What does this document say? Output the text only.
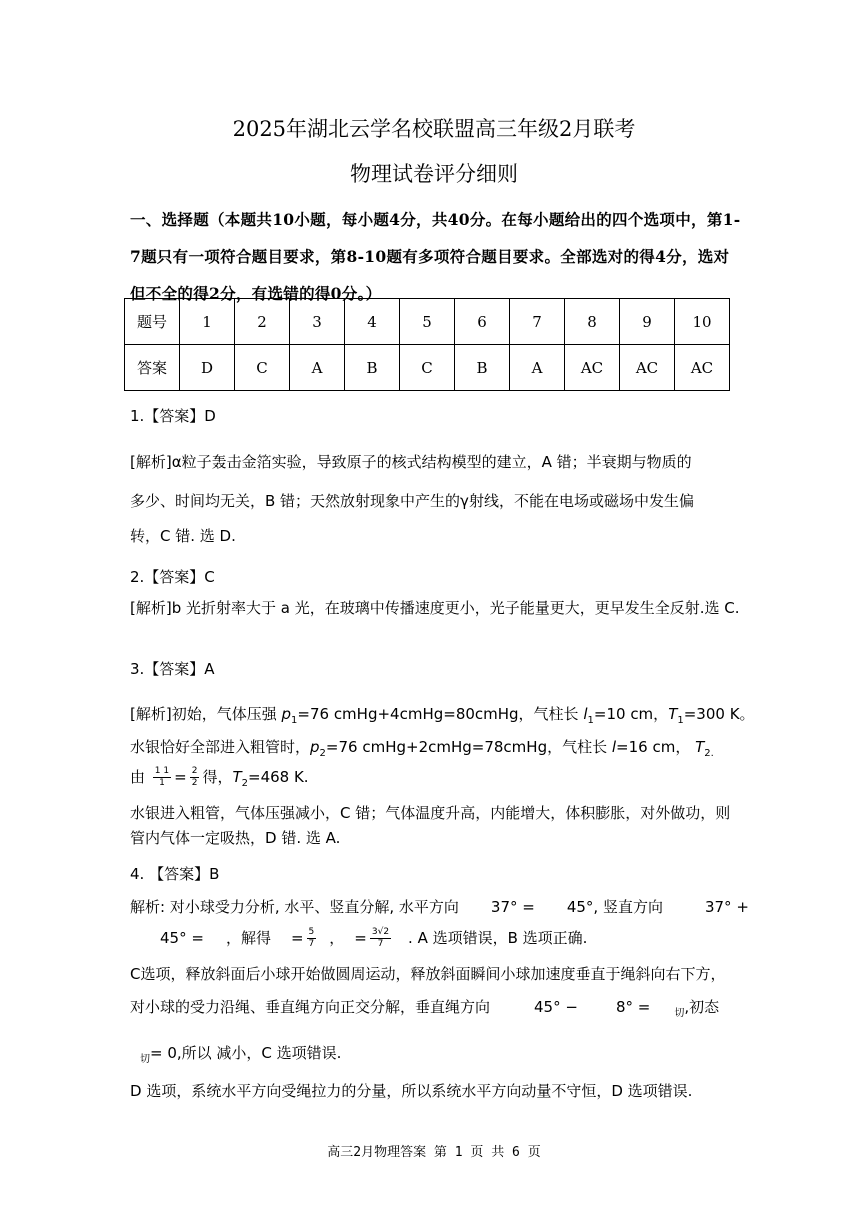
2025年湖北云学名校联盟高三年级2月联考
物理试卷评分细则
一、选择题（本题共10小题，每小题4分，共40分。在每小题给出的四个选项中，第1-7题只有一项符合题目要求，第8-10题有多项符合题目要求。全部选对的得4分，选对但不全的得2分，有选错的得0分。）
题号	1	2	3	4	5	6	7	8	9	10
答案	D	C	A	B	C	B	A	AC	AC	AC
1.【答案】D
[解析]α粒子轰击金箔实验，导致原子的核式结构模型的建立，A 错；半衰期与物质的
多少、时间均无关，B 错；天然放射现象中产生的γ射线，不能在电场或磁场中发生偏
转，C 错. 选 D.
2.【答案】C
[解析]b 光折射率大于 a 光，在玻璃中传播速度更小，光子能量更大，更早发生全反射.选 C.
3.【答案】A
[解析]初始，气体压强 $p_1=76$ cmHg+4cmHg=80cmHg，气柱长 $l_1=10$ cm，$T_1=300$ K。
水银恰好全部进入粗管时，$p_2=76$ cmHg+2cmHg=78cmHg，气柱长 l=16 cm， $T_{2.}$
由 $\frac{1 1}{1} = \frac{2}{2}$ 得，$T_2=468$ K.
水银进入粗管，气体压强减小，C 错；气体温度升高，内能增大，体积膨胀，对外做功，则管内气体一定吸热，D 错. 选 A.
4. 【答案】B
解析: 对小球受力分析, 水平、竖直分解, 水平方向 37° = 45°, 竖直方向	37° +
45° = ，解得 = $\frac{5}{7}$ ， = $\frac{3√2}{7}$ . A 选项错误，B 选项正确.
C选项，释放斜面后小球开始做圆周运动，释放斜面瞬间小球加速度垂直于绳斜向右下方，
对小球的受力沿绳、垂直绳方向正交分解，垂直绳方向	45° −	8° = $_切$,初态
$_切$= 0,所以 减小，C 选项错误.
D 选项，系统水平方向受绳拉力的分量，所以系统水平方向动量不守恒，D 选项错误.
高三2月物理答案 第 1 页 共 6 页
